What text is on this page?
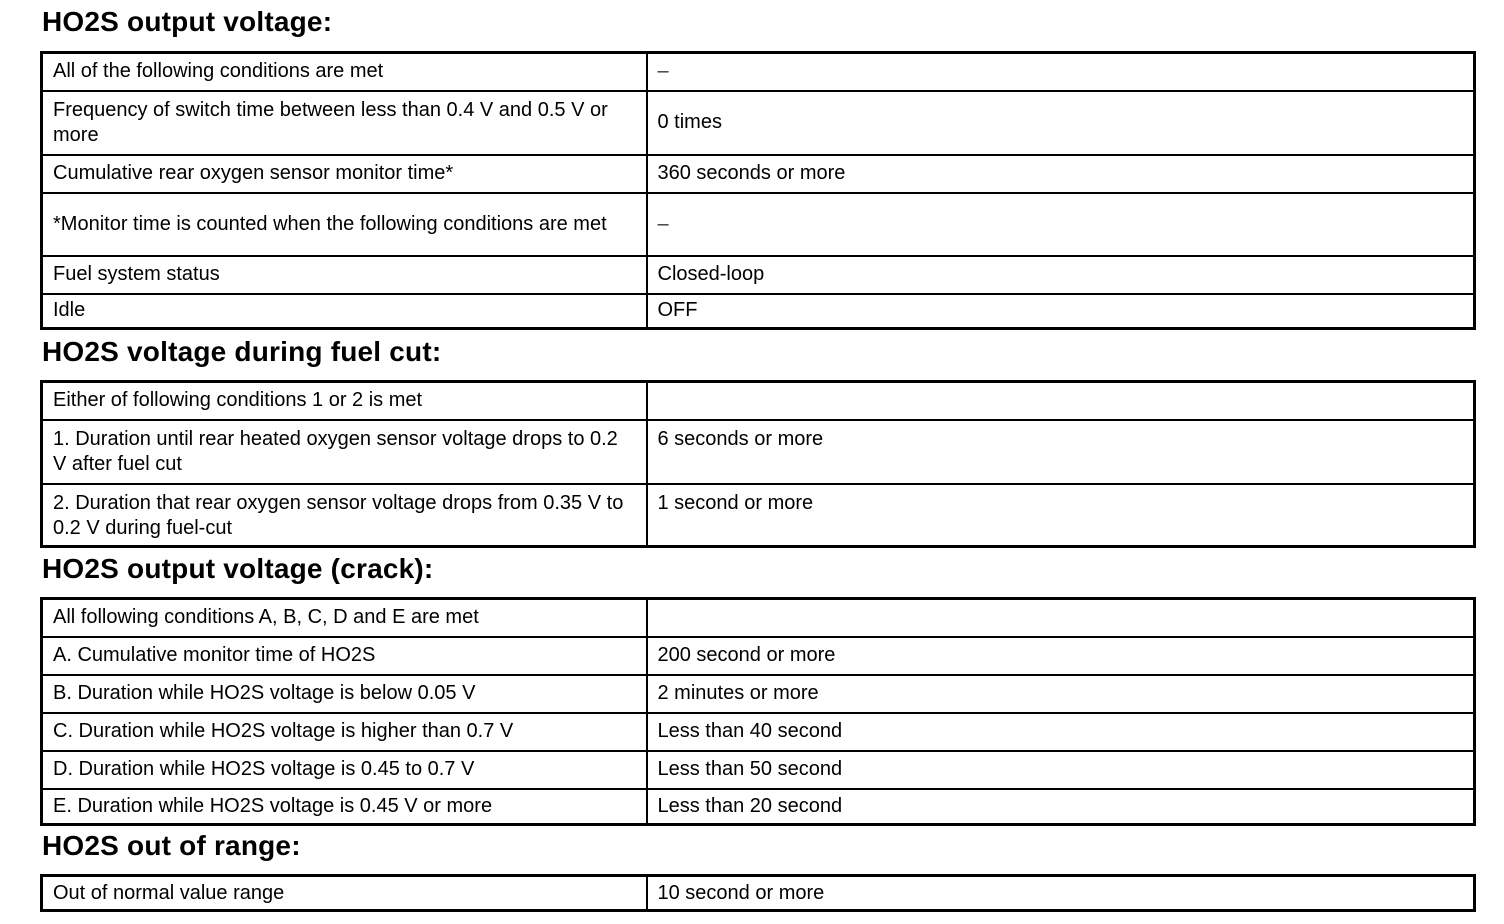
HO2S output voltage:
All of the following conditions are met	–
Frequency of switch time between less than 0.4 V and 0.5 V or more	0 times
Cumulative rear oxygen sensor monitor time*	360 seconds or more
*Monitor time is counted when the following conditions are met	–
Fuel system status	Closed-loop
Idle	OFF
HO2S voltage during fuel cut:
Either of following conditions 1 or 2 is met	
1. Duration until rear heated oxygen sensor voltage drops to 0.2 V after fuel cut	6 seconds or more
2. Duration that rear oxygen sensor voltage drops from 0.35 V to 0.2 V during fuel-cut	1 second or more
HO2S output voltage (crack):
All following conditions A, B, C, D and E are met	
A. Cumulative monitor time of HO2S	200 second or more
B. Duration while HO2S voltage is below 0.05 V	2 minutes or more
C. Duration while HO2S voltage is higher than 0.7 V	Less than 40 second
D. Duration while HO2S voltage is 0.45 to 0.7 V	Less than 50 second
E. Duration while HO2S voltage is 0.45 V or more	Less than 20 second
HO2S out of range:
Out of normal value range	10 second or more
